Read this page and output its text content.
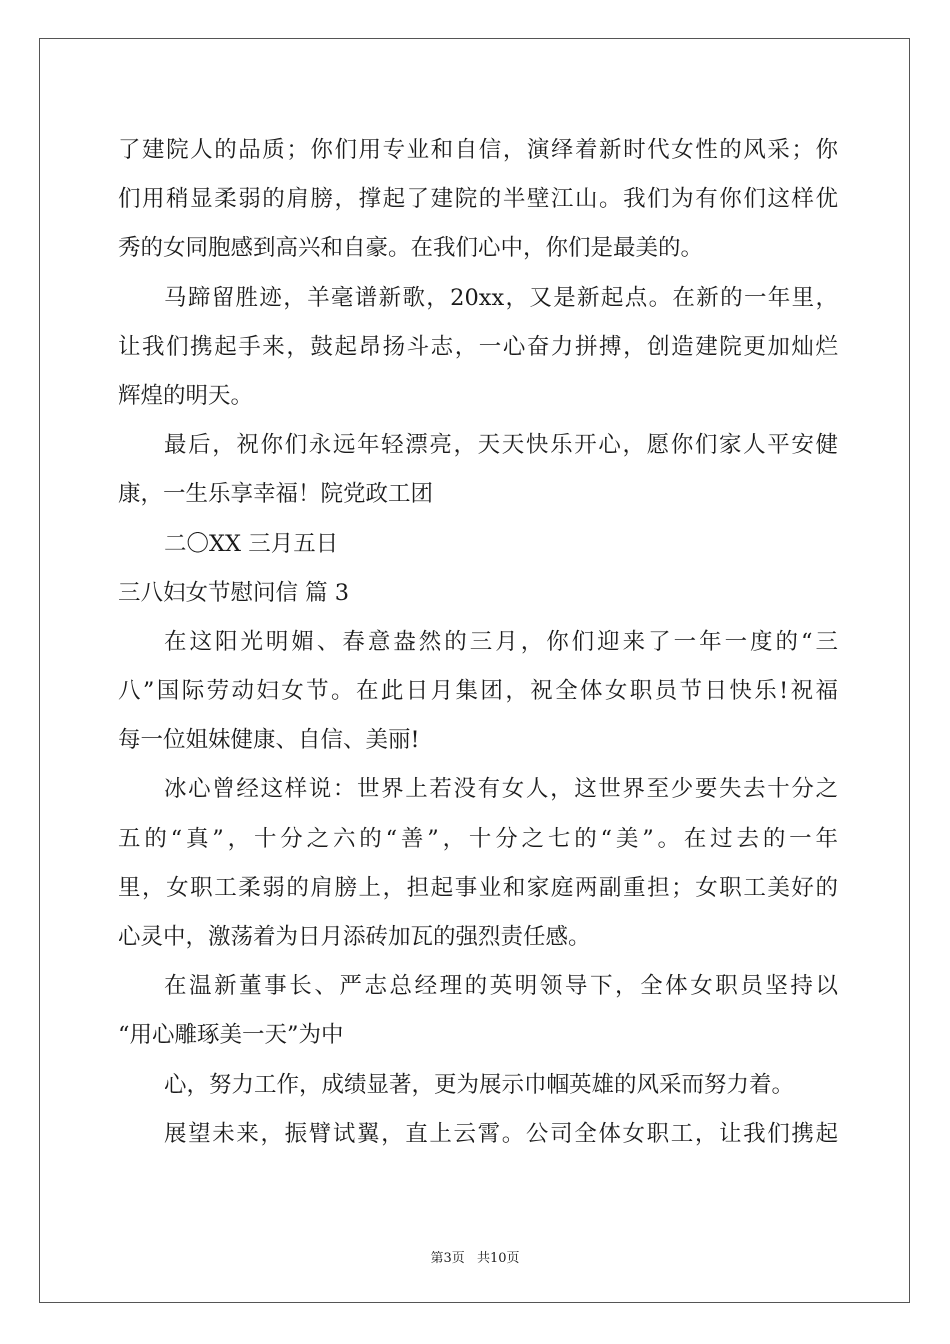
了建院人的品质；你们用专业和自信，演绎着新时代女性的风采；你
们用稍显柔弱的肩膀，撑起了建院的半壁江山。我们为有你们这样优
秀的女同胞感到高兴和自豪。在我们心中，你们是最美的。
马蹄留胜迹，羊毫谱新歌，20xx，又是新起点。在新的一年里，
让我们携起手来，鼓起昂扬斗志，一心奋力拼搏，创造建院更加灿烂
辉煌的明天。
最后，祝你们永远年轻漂亮，天天快乐开心，愿你们家人平安健
康，一生乐享幸福！院党政工团
二〇XX 三月五日
三八妇女节慰问信 篇 3
在这阳光明媚、春意盎然的三月，你们迎来了一年一度的“三
八”国际劳动妇女节。在此日月集团，祝全体女职员节日快乐!祝福
每一位姐妹健康、自信、美丽!
冰心曾经这样说：世界上若没有女人，这世界至少要失去十分之
五的“真”，十分之六的“善”，十分之七的“美”。在过去的一年
里，女职工柔弱的肩膀上，担起事业和家庭两副重担；女职工美好的
心灵中，激荡着为日月添砖加瓦的强烈责任感。
在温新董事长、严志总经理的英明领导下，全体女职员坚持以
“用心雕琢美一天”为中
心，努力工作，成绩显著，更为展示巾帼英雄的风采而努力着。
展望未来，振臂试翼，直上云霄。公司全体女职工，让我们携起
第3页 共10页
